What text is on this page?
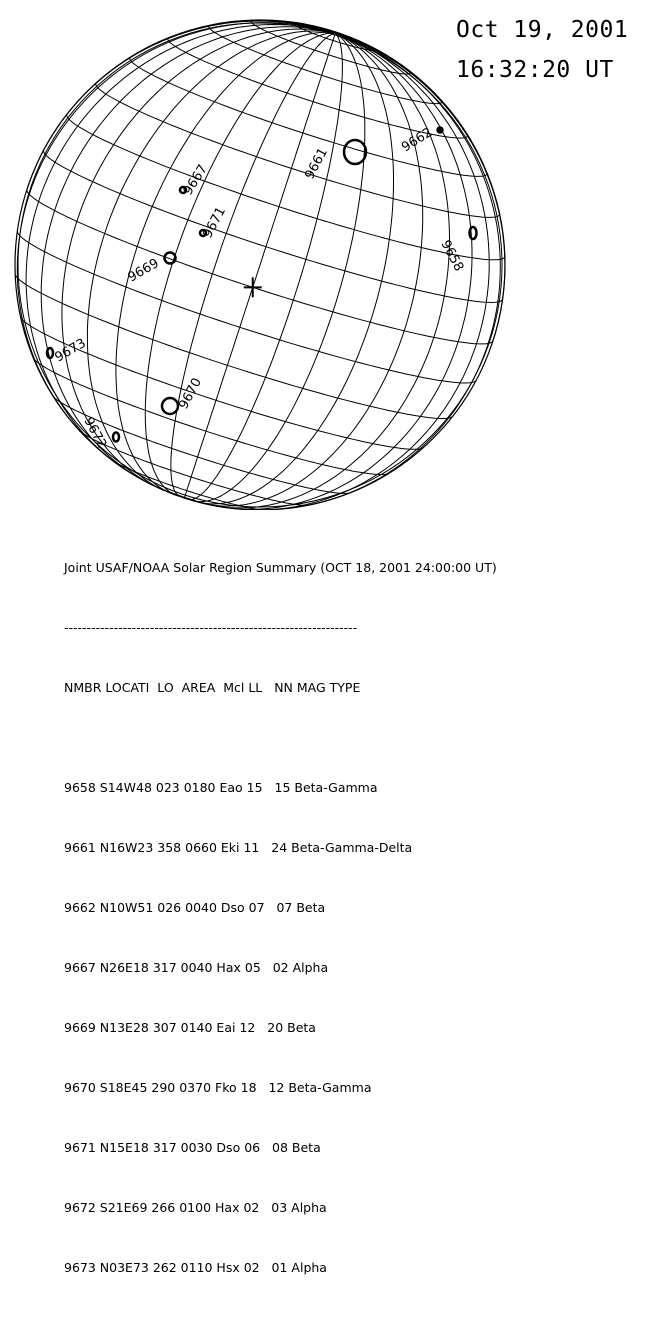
9658
9661
9662
9667
9669
9670
9671
9672
9673
Oct 19, 2001
16:32:20 UT

Joint USAF/NOAA Solar Region Summary (OCT 18, 2001 24:00:00 UT)

-----------------------------------------------------------------

NMBR LOCATI  LO  AREA  Mcl LL   NN MAG TYPE

9658 S14W48 023 0180 Eao 15   15 Beta-Gamma

9661 N16W23 358 0660 Eki 11   24 Beta-Gamma-Delta

9662 N10W51 026 0040 Dso 07   07 Beta

9667 N26E18 317 0040 Hax 05   02 Alpha

9669 N13E28 307 0140 Eai 12   20 Beta

9670 S18E45 290 0370 Fko 18   12 Beta-Gamma

9671 N15E18 317 0030 Dso 06   08 Beta

9672 S21E69 266 0100 Hax 02   03 Alpha

9673 N03E73 262 0110 Hsx 02   01 Alpha
